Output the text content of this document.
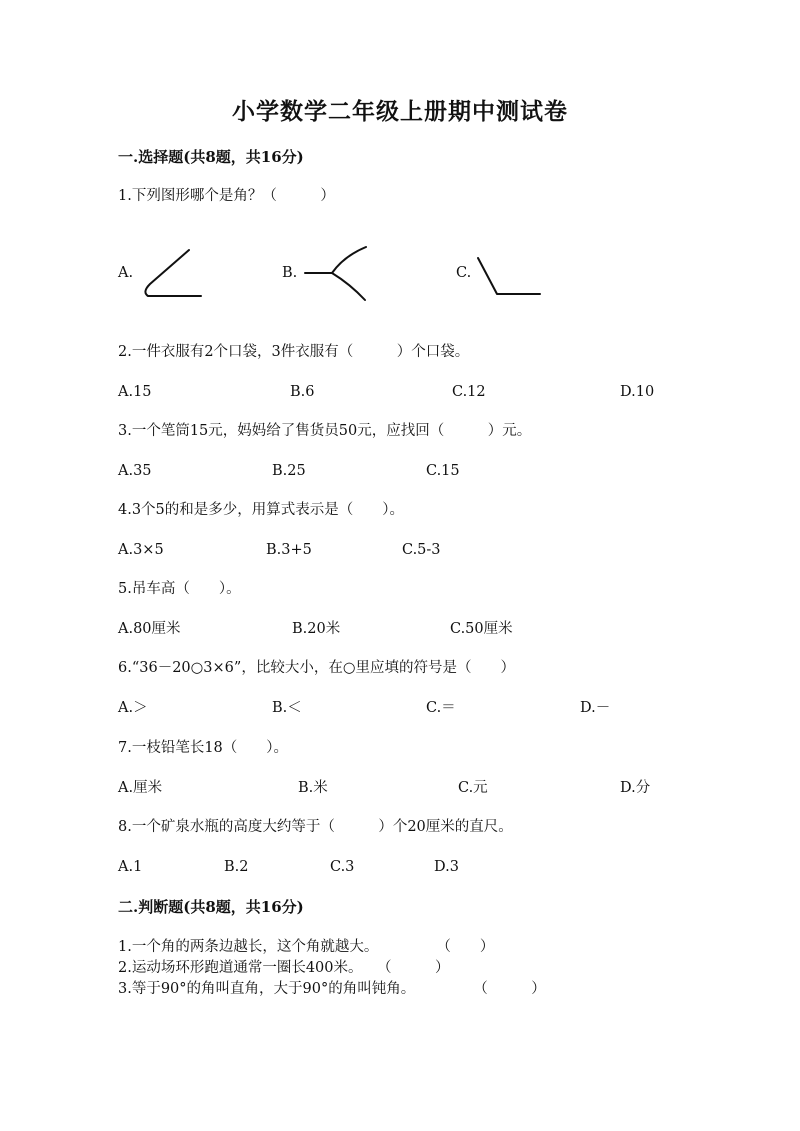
小学数学二年级上册期中测试卷
一.选择题(共8题，共16分)
1.下列图形哪个是角？（　　　）
A.	B.	C.
2.一件衣服有2个口袋，3件衣服有（　　　）个口袋。
A.15	B.6	C.12	D.10
3.一个笔筒15元，妈妈给了售货员50元，应找回（　　　）元。
A.35	B.25	C.15
4.3个5的和是多少，用算式表示是（　　）。
A.3×5	B.3+5	C.5-3
5.吊车高（　　）。
A.80厘米	B.20米	C.50厘米
6.“36－20○3×6”，比较大小，在○里应填的符号是（　　）
A.＞	B.＜	C.＝	D.－
7.一枝铅笔长18（　　）。
A.厘米	B.米	C.元	D.分
8.一个矿泉水瓶的高度大约等于（　　　）个20厘米的直尺。
A.1	B.2	C.3	D.3
二.判断题(共8题，共16分)
1.一个角的两条边越长，这个角就越大。　　　　　（　　）
2.运动场环形跑道通常一圈长400米。　　（　　　）
3.等于90°的角叫直角，大于90°的角叫钝角。　　　　　（　　　）
